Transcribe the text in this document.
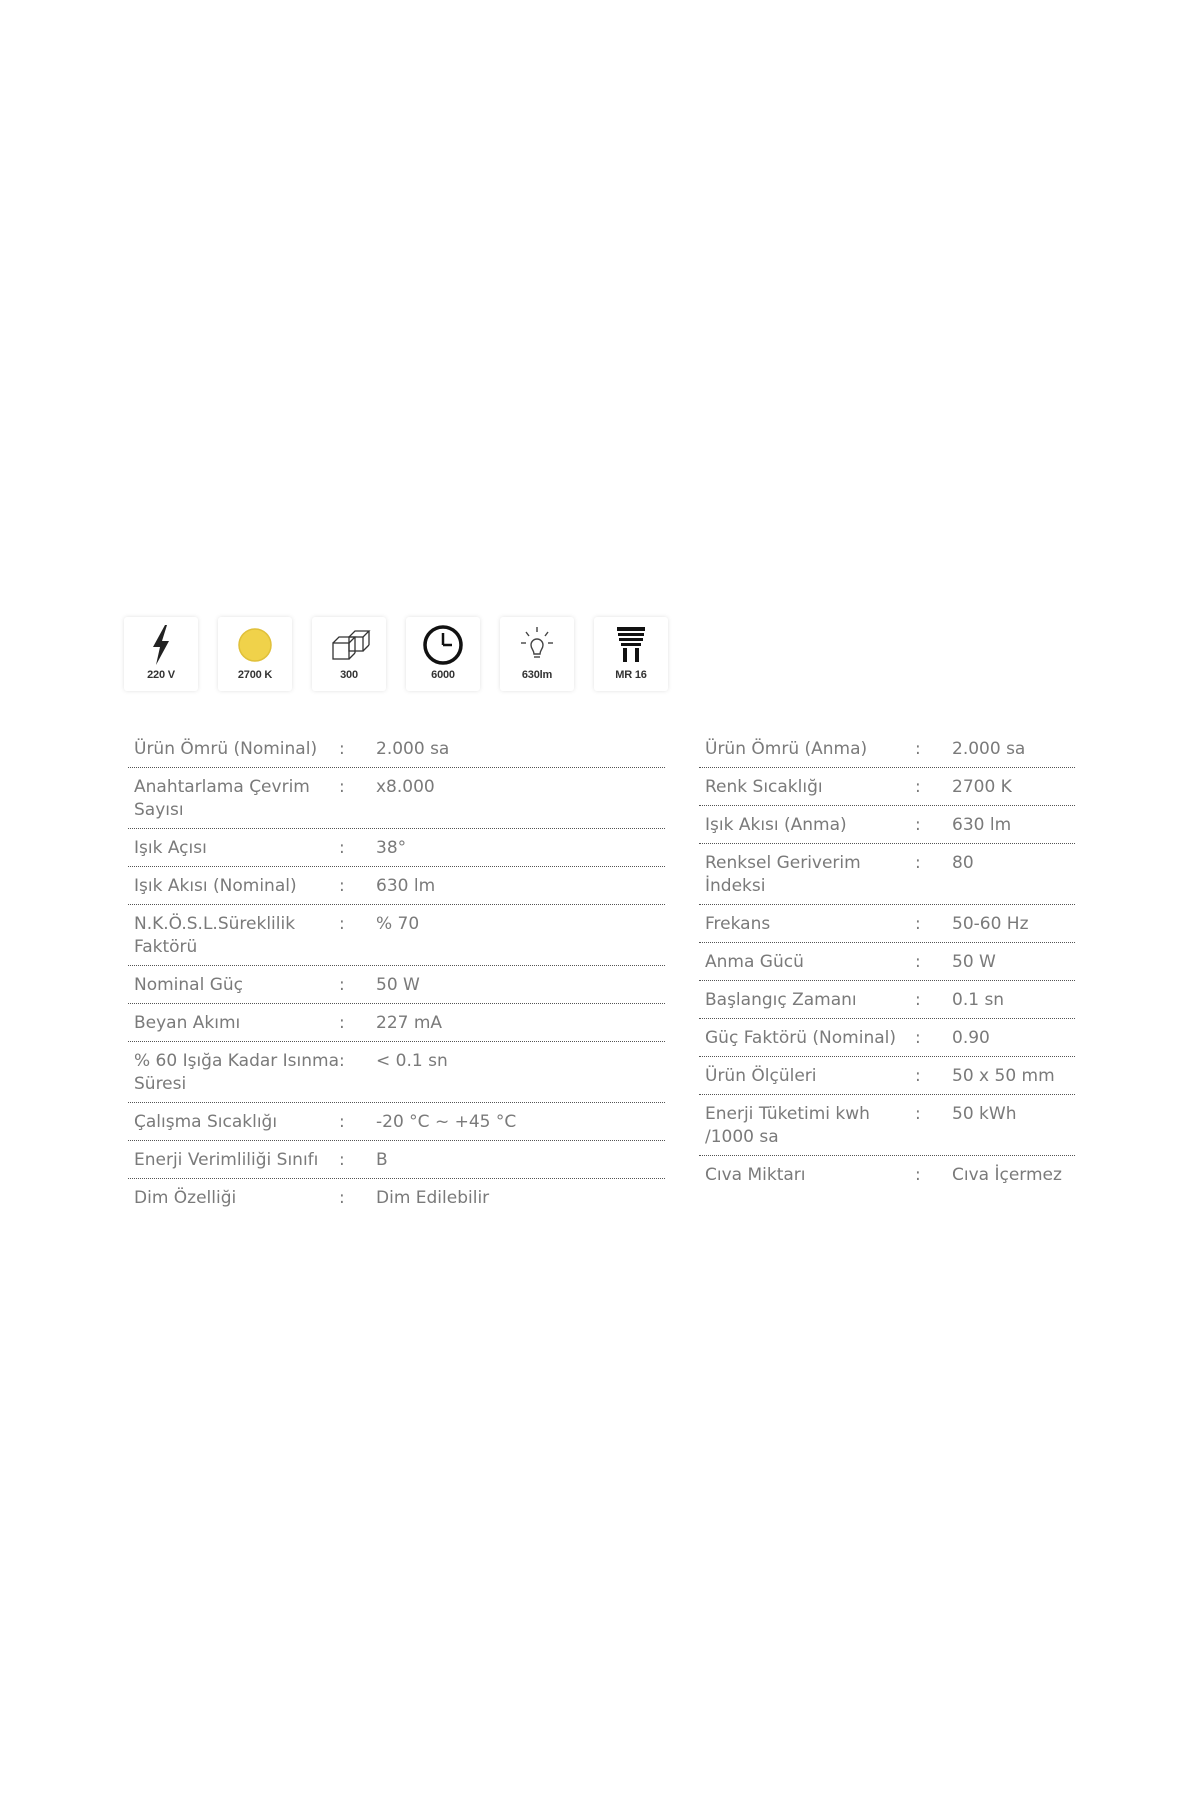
220 V	2700 K	300	6000	630lm	MR 16
Ürün Ömrü (Nominal)	:	2.000 sa
Anahtarlama Çevrim Sayısı
:	x8.000
Işık Açısı	:	38°
Işık Akısı (Nominal)	:	630 lm
N.K.Ö.S.L.Süreklilik Faktörü
:	% 70
Nominal Güç	:	50 W
Beyan Akımı	:	227 mA
% 60 Işığa Kadar Isınma Süresi
:	< 0.1 sn
Çalışma Sıcaklığı	:	-20 °C ~ +45 °C
Enerji Verimliliği Sınıfı	:	B
Dim Özelliği	:	Dim Edilebilir
Ürün Ömrü (Anma)	:	2.000 sa
Renk Sıcaklığı	:	2700 K
Işık Akısı (Anma)	:	630 lm
Renksel Geriverim İndeksi
:	80
Frekans	:	50-60 Hz
Anma Gücü	:	50 W
Başlangıç Zamanı	:	0.1 sn
Güç Faktörü (Nominal)	:	0.90
Ürün Ölçüleri	:	50 x 50 mm
Enerji Tüketimi kwh /1000 sa
:	50 kWh
Cıva Miktarı	:	Cıva İçermez
